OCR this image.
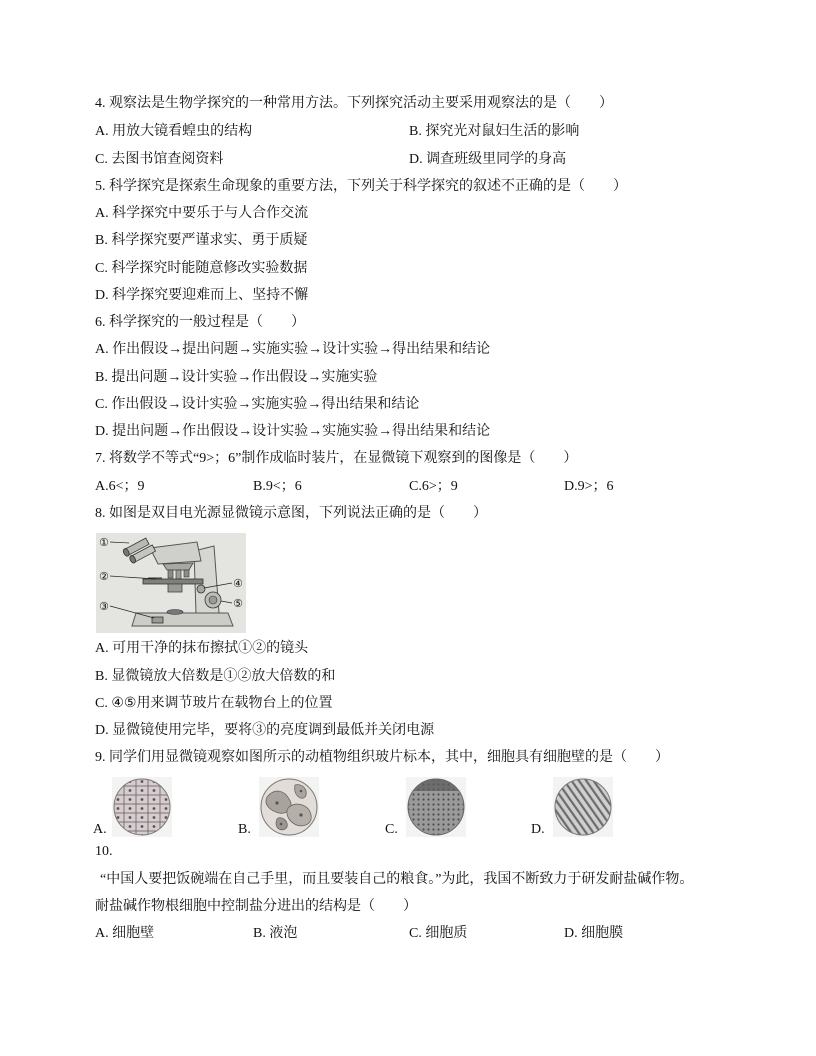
4. 观察法是生物学探究的一种常用方法。下列探究活动主要采用观察法的是（　　）
A. 用放大镜看蝗虫的结构	B. 探究光对鼠妇生活的影响
C. 去图书馆查阅资料	D. 调查班级里同学的身高
5. 科学探究是探索生命现象的重要方法，下列关于科学探究的叙述不正确的是（　　）
A. 科学探究中要乐于与人合作交流
B. 科学探究要严谨求实、勇于质疑
C. 科学探究时能随意修改实验数据
D. 科学探究要迎难而上、坚持不懈
6. 科学探究的一般过程是（　　）
A. 作出假设→提出问题→实施实验→设计实验→得出结果和结论
B. 提出问题→设计实验→作出假设→实施实验
C. 作出假设→设计实验→实施实验→得出结果和结论
D. 提出问题→作出假设→设计实验→实施实验→得出结果和结论
7. 将数学不等式“9>；6”制作成临时装片，在显微镜下观察到的图像是（　　）
A.6<；9	B.9<；6	C.6>；9	D.9>；6
8. 如图是双目电光源显微镜示意图，下列说法正确的是（　　）
①
②
③
④
⑤
A. 可用干净的抹布擦拭①②的镜头
B. 显微镜放大倍数是①②放大倍数的和
C. ④⑤用来调节玻片在载物台上的位置
D. 显微镜使用完毕，要将③的亮度调到最低并关闭电源
9. 同学们用显微镜观察如图所示的动植物组织玻片标本，其中，细胞具有细胞壁的是（　　）
A.	B.	C.	D.
10.
“中国人要把饭碗端在自己手里，而且要装自己的粮食。”为此，我国不断致力于研发耐盐碱作物。
耐盐碱作物根细胞中控制盐分进出的结构是（　　）
A. 细胞壁	B. 液泡	C. 细胞质	D. 细胞膜
